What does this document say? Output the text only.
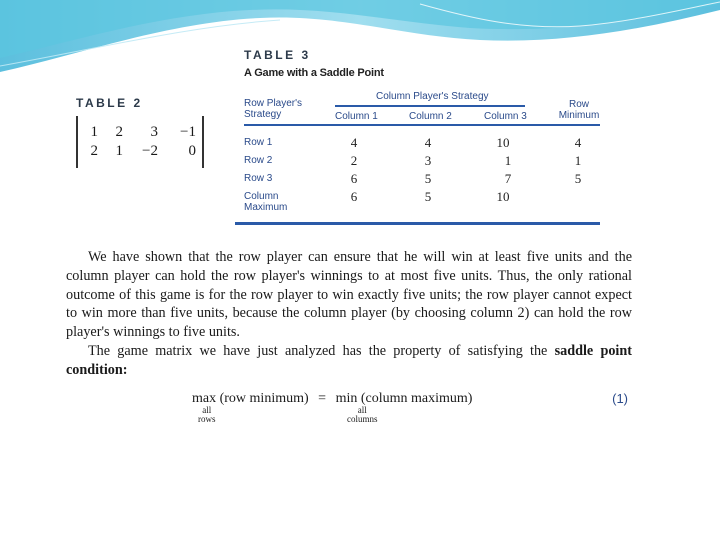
TABLE 2
1	2	3	−1
2	1	−2	0
TABLE 3
A Game with a Saddle Point
Row Player's
Strategy
Column Player's Strategy
Column 1	Column 2	Column 3
Row
Minimum
Row 1	4	4	10	4
Row 2	2	3	1	1
Row 3	6	5	7	5
Column
Maximum
6	5	10

We have shown that the row player can ensure that he will win at least five units and the column player can hold the row player's winnings to at most five units. Thus, the only rational outcome of this game is for the row player to win exactly five units; the row player cannot expect to win more than five units, because the column player (by choosing column 2) can hold the row player's winnings to five units.

The game matrix we have just analyzed has the property of satisfying the saddle point condition:

max (row minimum) = min (column maximum)
all
rows
all
columns
(1)
